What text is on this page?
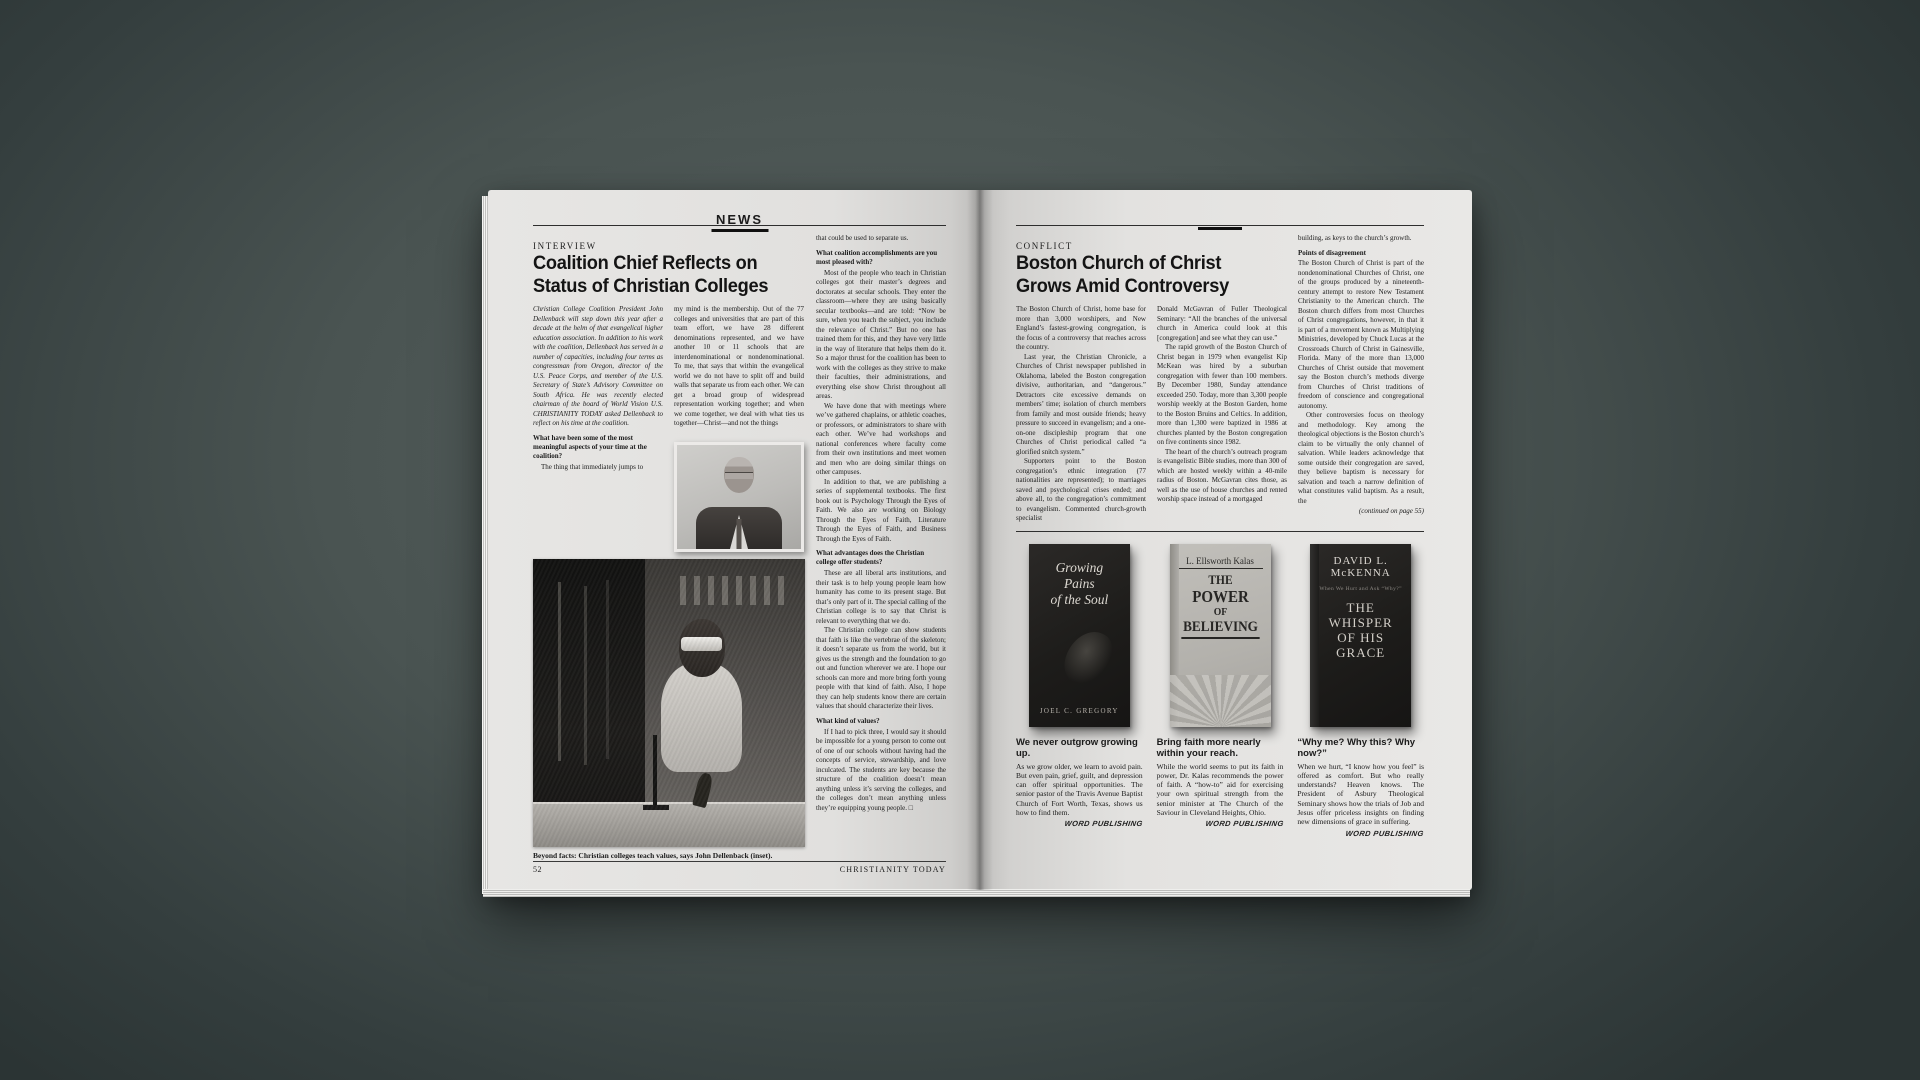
NEWS
INTERVIEW
Coalition Chief Reflects on
Status of Christian Colleges

Christian College Coalition President John Dellenback will step down this year after a decade at the helm of that evangelical higher education association. In addition to his work with the coalition, Dellenback has served in a number of capacities, including four terms as congressman from Oregon, director of the U.S. Peace Corps, and member of the U.S. Secretary of State’s Advisory Committee on South Africa. He was recently elected chairman of the board of World Vision U.S. CHRISTIANITY TODAY asked Dellenback to reflect on his time at the coalition.

What have been some of the most meaningful aspects of your time at the coalition?

The thing that immediately jumps to

my mind is the membership. Out of the 77 colleges and universities that are part of this team effort, we have 28 different denominations represented, and we have another 10 or 11 schools that are interdenominational or nondenominational. To me, that says that within the evangelical world we do not have to split off and build walls that separate us from each other. We can get a broad group of widespread representation working together; and when we come together, we deal with what ties us together—Christ—and not the things

Beyond facts: Christian colleges teach values, says John Dellenback (inset).

that could be used to separate us.

What coalition accomplishments are you most pleased with?

Most of the people who teach in Christian colleges got their master’s degrees and doctorates at secular schools. They enter the classroom—where they are using basically secular textbooks—and are told: “Now be sure, when you teach the subject, you include the relevance of Christ.” But no one has trained them for this, and they have very little in the way of literature that helps them do it. So a major thrust for the coalition has been to work with the colleges as they strive to make their faculties, their administrations, and everything else show Christ throughout all areas.

We have done that with meetings where we’ve gathered chaplains, or athletic coaches, or professors, or administrators to share with each other. We’ve had workshops and national conferences where faculty come from their own institutions and meet women and men who are doing similar things on other campuses.

In addition to that, we are publishing a series of supplemental textbooks. The first book out is Psychology Through the Eyes of Faith. We also are working on Biology Through the Eyes of Faith, Literature Through the Eyes of Faith, and Business Through the Eyes of Faith.

What advantages does the Christian college offer students?

These are all liberal arts institutions, and their task is to help young people learn how humanity has come to its present stage. But that’s only part of it. The special calling of the Christian college is to say that Christ is relevant to everything that we do.

The Christian college can show students that faith is like the vertebrae of the skeleton; it doesn’t separate us from the world, but it gives us the strength and the foundation to go out and function wherever we are. I hope our schools can more and more bring forth young people with that kind of faith. Also, I hope they can help students know there are certain values that should characterize their lives.

What kind of values?

If I had to pick three, I would say it should be impossible for a young person to come out of one of our schools without having had the concepts of service, stewardship, and love inculcated. The students are key because the structure of the coalition doesn’t mean anything unless it’s serving the colleges, and the colleges don’t mean anything unless they’re equipping young people. □

52	CHRISTIANITY TODAY
CONFLICT
Boston Church of Christ
Grows Amid Controversy

The Boston Church of Christ, home base for more than 3,000 worshipers, and New England’s fastest-growing congregation, is the focus of a controversy that reaches across the country.

Last year, the Christian Chronicle, a Churches of Christ newspaper published in Oklahoma, labeled the Boston congregation divisive, authoritarian, and “dangerous.” Detractors cite excessive demands on members’ time; isolation of church members from family and most outside friends; heavy pressure to succeed in evangelism; and a one-on-one discipleship program that one Churches of Christ periodical called “a glorified snitch system.”

Supporters point to the Boston congregation’s ethnic integration (77 nationalities are represented); to marriages saved and psychological crises ended; and above all, to the congregation’s commitment to evangelism. Commented church-growth specialist

Donald McGavran of Fuller Theological Seminary: “All the branches of the universal church in America could look at this [congregation] and see what they can use.”

The rapid growth of the Boston Church of Christ began in 1979 when evangelist Kip McKean was hired by a suburban congregation with fewer than 100 members. By December 1980, Sunday attendance exceeded 250. Today, more than 3,300 people worship weekly at the Boston Garden, home to the Boston Bruins and Celtics. In addition, more than 1,300 were baptized in 1986 at churches planted by the Boston congregation on five continents since 1982.

The heart of the church’s outreach program is evangelistic Bible studies, more than 300 of which are hosted weekly within a 40-mile radius of Boston. McGavran cites those, as well as the use of house churches and rented worship space instead of a mortgaged

building, as keys to the church’s growth.

Points of disagreement

The Boston Church of Christ is part of the nondenominational Churches of Christ, one of the groups produced by a nineteenth-century attempt to restore New Testament Christianity to the American church. The Boston church differs from most Churches of Christ congregations, however, in that it is part of a movement known as Multiplying Ministries, developed by Chuck Lucas at the Crossroads Church of Christ in Gainesville, Florida. Many of the more than 13,000 Churches of Christ outside that movement say the Boston church’s methods diverge from Churches of Christ traditions of freedom of conscience and congregational autonomy.

Other controversies focus on theology and methodology. Key among the theological objections is the Boston church’s claim to be virtually the only channel of salvation. While leaders acknowledge that some outside their congregation are saved, they believe baptism is necessary for salvation and teach a narrow definition of what constitutes valid baptism. As a result, the

(continued on page 55)

Growing
Pains
of the Soul
JOEL C. GREGORY
We never outgrow growing up.
As we grow older, we learn to avoid pain. But even pain, grief, guilt, and depression can offer spiritual opportunities. The senior pastor of the Travis Avenue Baptist Church of Fort Worth, Texas, shows us how to find them.
WORD PUBLISHING
L. Ellsworth Kalas
THE
POWER
OF
BELIEVING
Bring faith more nearly within your reach.
While the world seems to put its faith in power, Dr. Kalas recommends the power of faith. A “how-to” aid for exercising your own spiritual strength from the senior minister at The Church of the Saviour in Cleveland Heights, Ohio.
WORD PUBLISHING
DAVID L.
McKENNA
When We Hurt and Ask “Why?”
THE
WHISPER
OF HIS
GRACE
“Why me? Why this? Why now?”
When we hurt, “I know how you feel” is offered as comfort. But who really understands? Heaven knows. The President of Asbury Theological Seminary shows how the trials of Job and Jesus offer priceless insights on finding new dimensions of grace in suffering.
WORD PUBLISHING
